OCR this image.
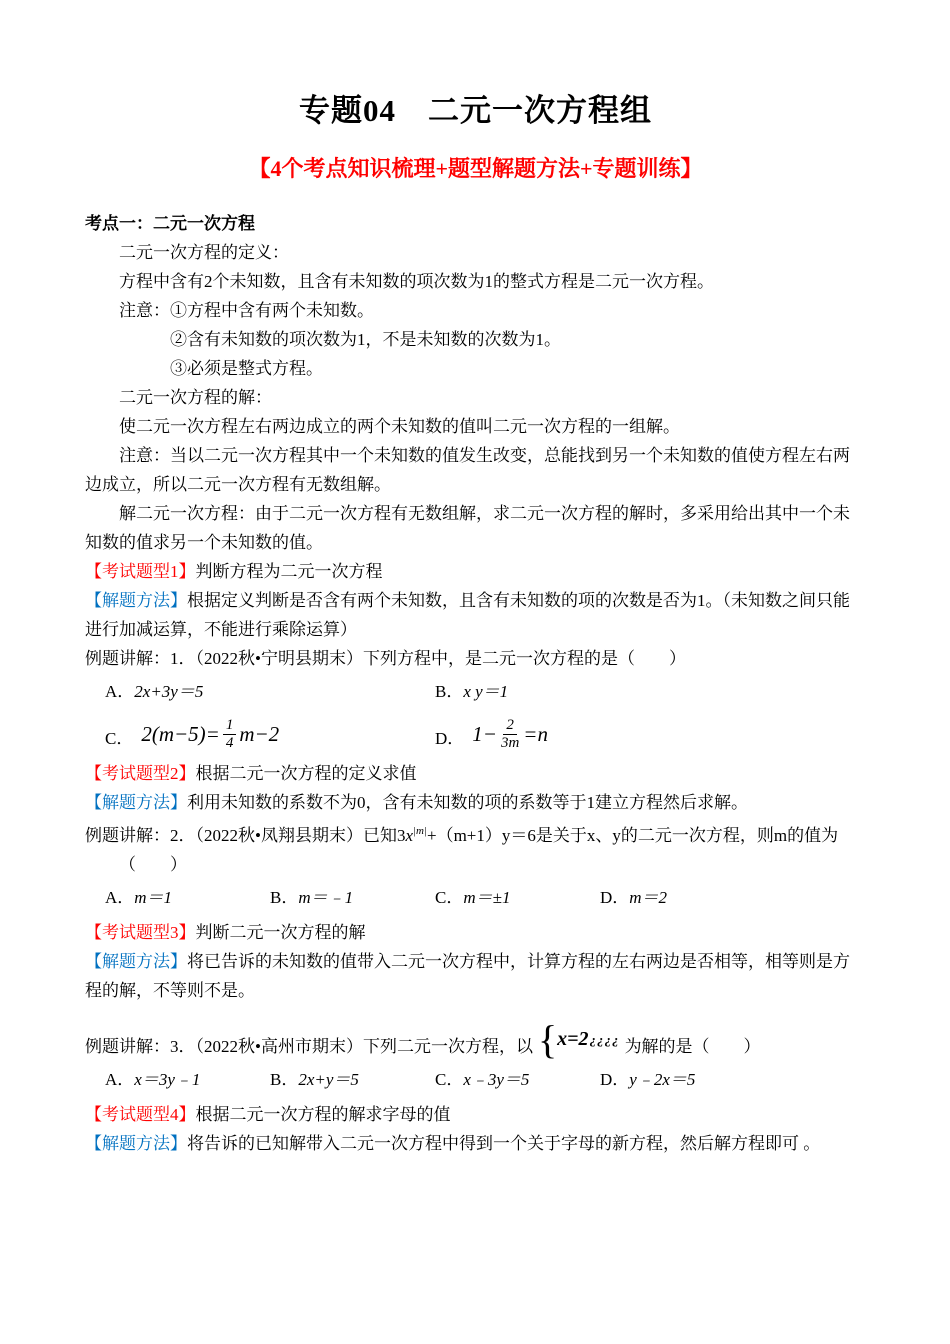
专题04　二元一次方程组
【4个考点知识梳理+题型解题方法+专题训练】

考点一：二元一次方程

二元一次方程的定义：

方程中含有2个未知数，且含有未知数的项次数为1的整式方程是二元一次方程。

注意：①方程中含有两个未知数。

②含有未知数的项次数为1，不是未知数的次数为1。

③必须是整式方程。

二元一次方程的解：

使二元一次方程左右两边成立的两个未知数的值叫二元一次方程的一组解。

注意：当以二元一次方程其中一个未知数的值发生改变，总能找到另一个未知数的值使方程左右两边成立，所以二元一次方程有无数组解。

解二元一次方程：由于二元一次方程有无数组解，求二元一次方程的解时，多采用给出其中一个未知数的值求另一个未知数的值。

【考试题型1】判断方程为二元一次方程

【解题方法】根据定义判断是否含有两个未知数，且含有未知数的项的次数是否为1。（未知数之间只能进行加减运算，不能进行乘除运算）

例题讲解：1．（2022秋•宁明县期末）下列方程中，是二元一次方程的是（　　）

A．2x+3y＝5	B．x y＝1
C． $2(m-5)= \frac{1}{4} m-2$	D． $1- \frac{2}{3m} =n$

【考试题型2】根据二元一次方程的定义求值

【解题方法】利用未知数的系数不为0，含有未知数的项的系数等于1建立方程然后求解。

例题讲解：2．（2022秋•凤翔县期末）已知$3x^{|m|}+(m+1)y=6$是关于x、y的二元一次方程，则m的值为

（　　）

A．m＝1	B．m＝﹣1	C．m＝±1	D．m＝2

【考试题型3】判断二元一次方程的解

【解题方法】将已告诉的未知数的值带入二元一次方程中，计算方程的左右两边是否相等，相等则是方程的解，不等则不是。

例题讲解：3．（2022秋•高州市期末）下列二元一次方程，以 { x=2 ¿¿¿¿ 为解的是（　　）
A．x＝3y﹣1	B．2x+y＝5	C．x﹣3y＝5	D．y﹣2x＝5

【考试题型4】根据二元一次方程的解求字母的值

【解题方法】将告诉的已知解带入二元一次方程中得到一个关于字母的新方程，然后解方程即可 。
